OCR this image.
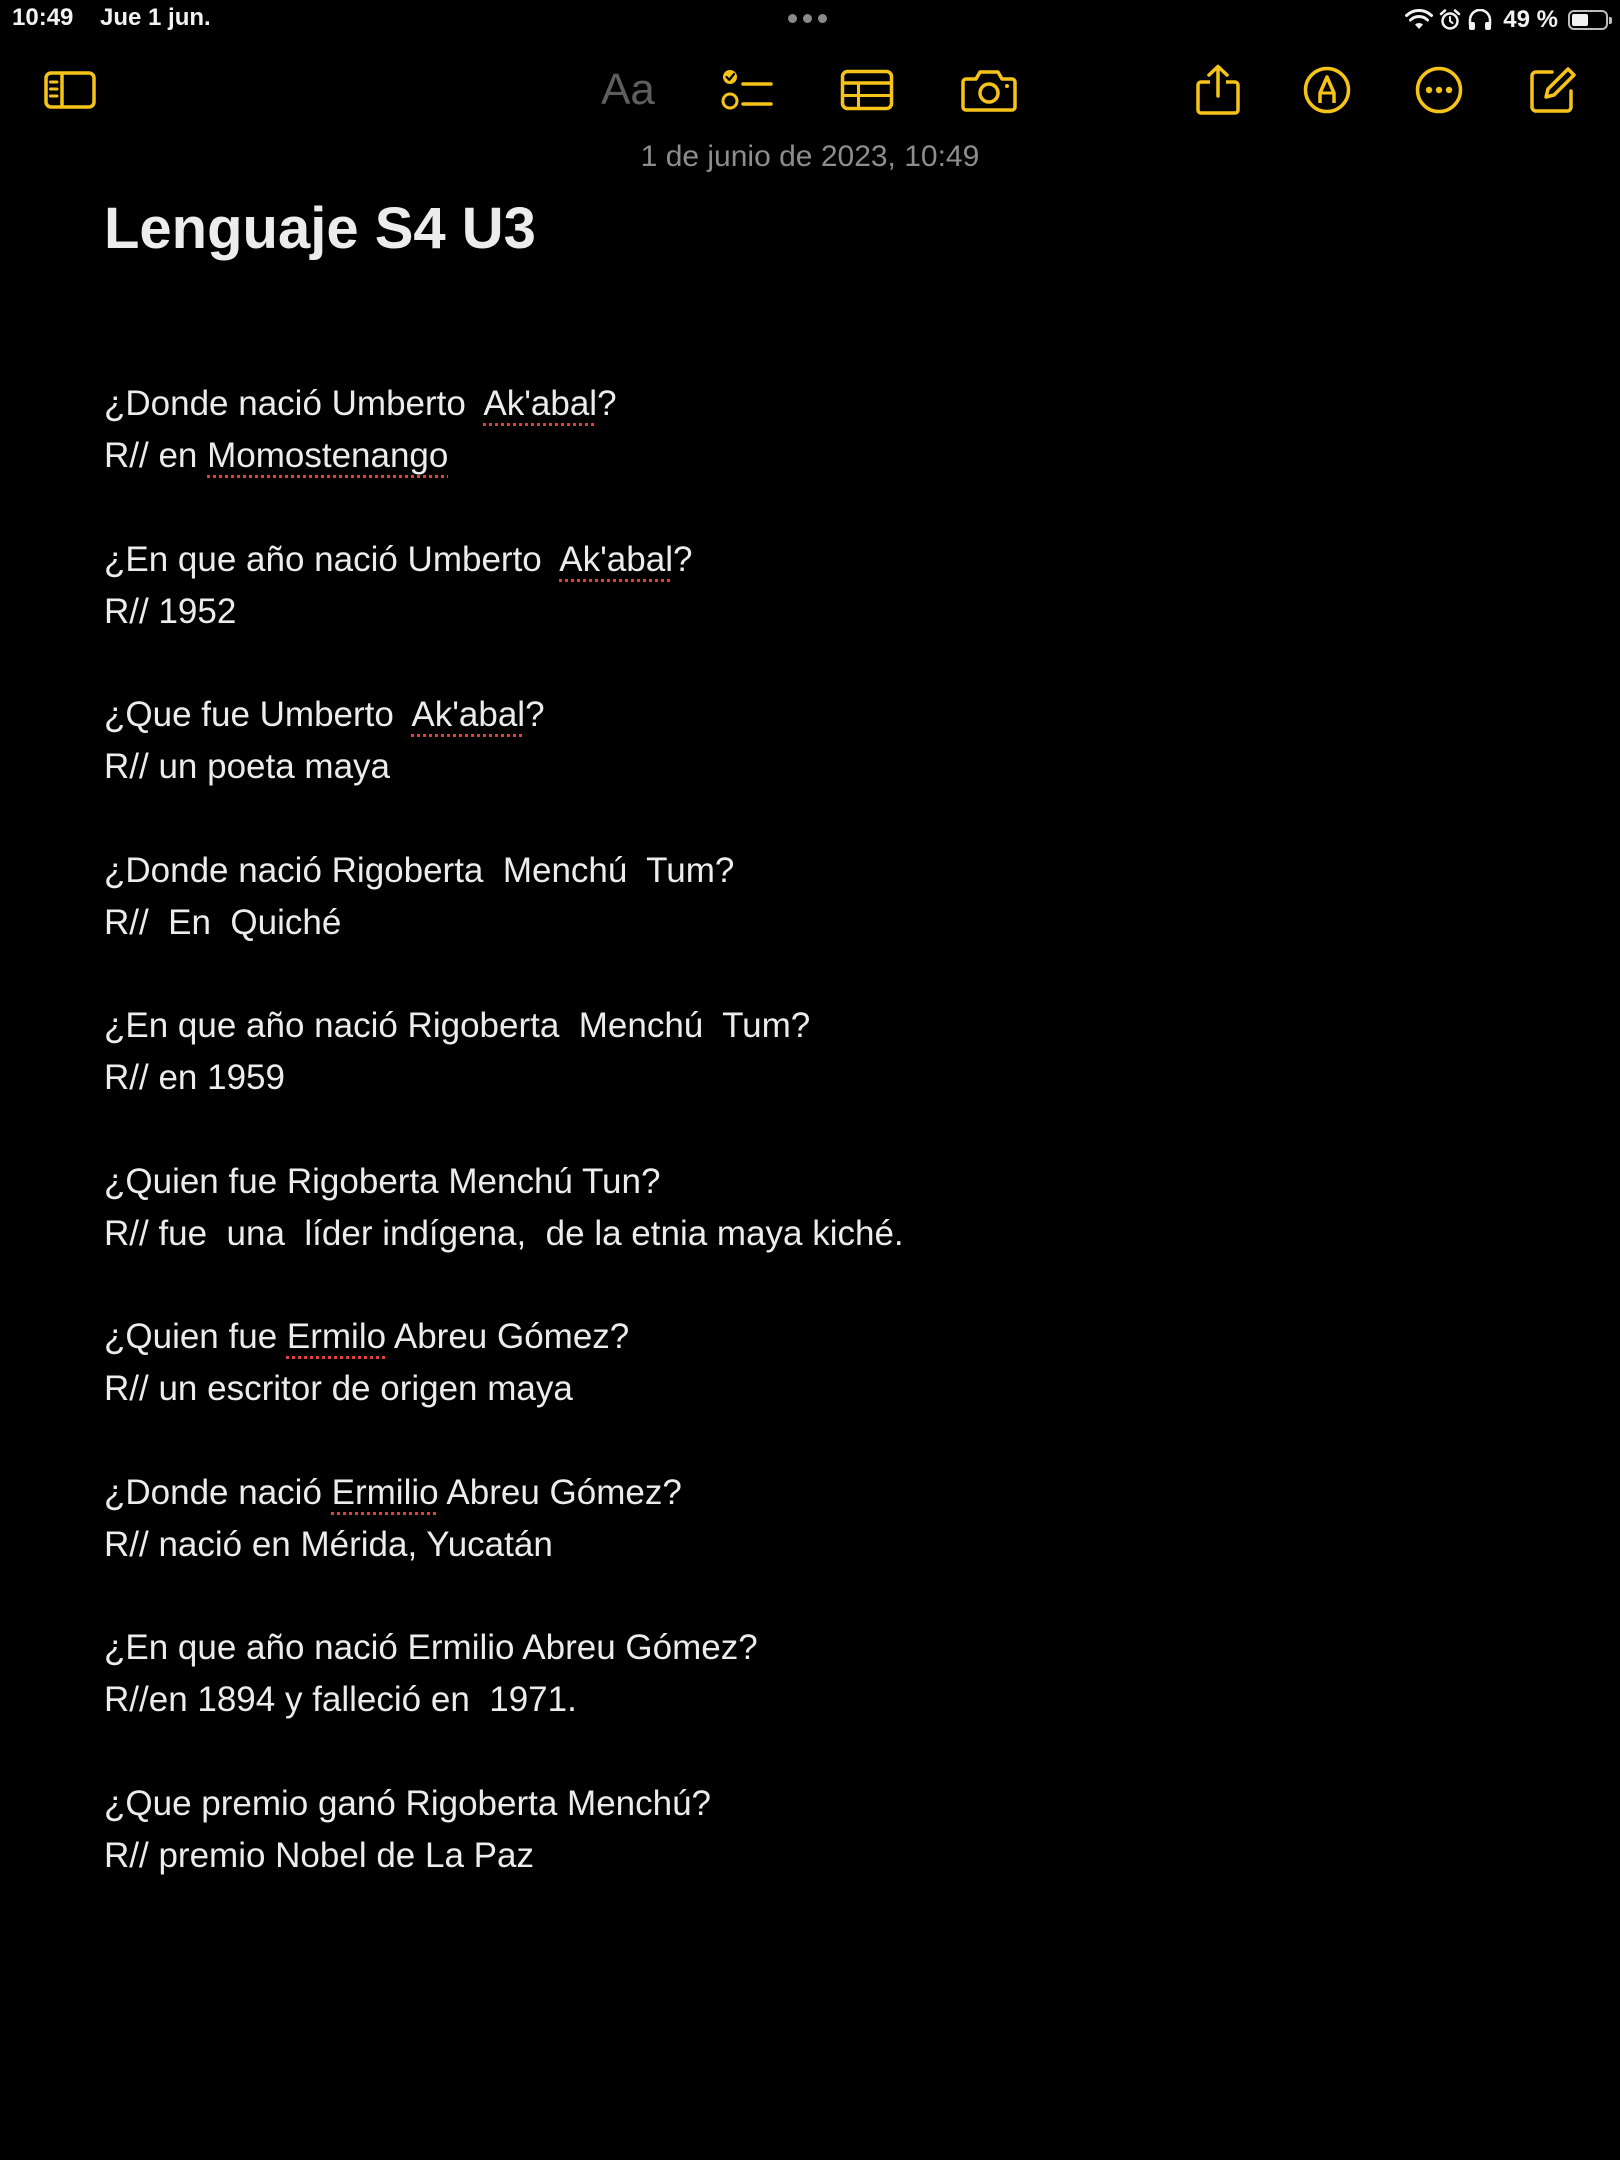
10:49 Jue 1 jun.	49 %
Aa
1 de junio de 2023, 10:49
Lenguaje S4 U3
¿Donde nació Umberto  Ak'abal?
R// en Momostenango
¿En que año nació Umberto  Ak'abal?
R// 1952
¿Que fue Umberto  Ak'abal?
R// un poeta maya
¿Donde nació Rigoberta  Menchú  Tum?
R//  En  Quiché
¿En que año nació Rigoberta  Menchú  Tum?
R// en 1959
¿Quien fue Rigoberta Menchú Tun?
R// fue  una  líder indígena,  de la etnia maya kiché.
¿Quien fue Ermilo Abreu Gómez?
R// un escritor de origen maya
¿Donde nació Ermilio Abreu Gómez?
R// nació en Mérida, Yucatán
¿En que año nació Ermilio Abreu Gómez?
R//en 1894 y falleció en  1971.
¿Que premio ganó Rigoberta Menchú?
R// premio Nobel de La Paz
